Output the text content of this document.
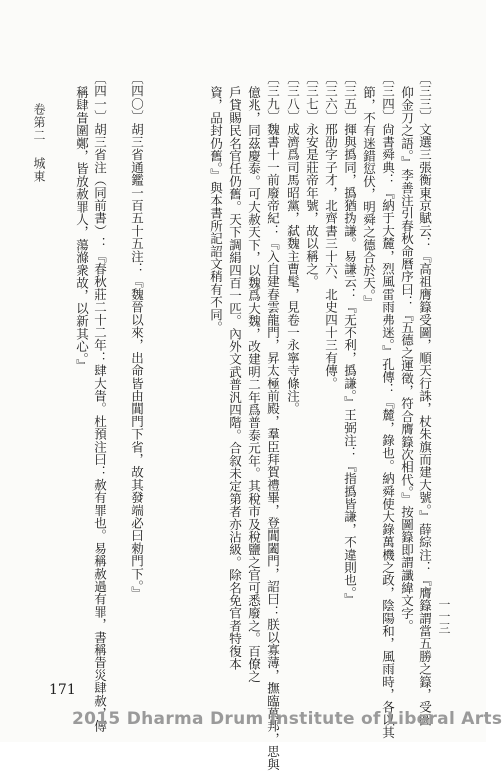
卷第二 城東	〔三三〕文選三張衡東京賦云：『高祖膺籙受圖，順天行誅，杖朱旗而建大號。』薛綜注：『膺籙謂當五勝之籙，受圖
仰金刀之語。』李善注引春秋命曆序曰：『五德之運徵，符合膺籙次相代。』按圖籙即謂讖緯文字。
〔三四〕尙書舜典：『納于大麓，烈風雷雨弗迷。』孔傳：『麓，錄也。納舜使大錄萬機之政，陰陽和，風雨時，各以其
節，不有迷錯愆伏，明舜之德合於天。』
〔三五〕揮與撝同，撝猶㧑謙。易謙云：『无不利，撝謙。』王弼注：『指撝皆謙，不違則也。』
〔三六〕邢劭字子才，北齊書三十六、北史四十三有傳。
〔三七〕永安是莊帝年號，故以稱之。
〔三八〕成濟爲司馬昭黨，弑魏主曹髦，見卷一永寧寺條注。
〔三九〕魏書十一前廢帝紀：『入自建春雲龍門，昇太極前殿，羣臣拜賀禮畢，登閶闔門，詔曰：朕以寡薄，撫臨萬邦，思與
億兆，同茲慶泰。可大赦天下，以魏爲大魏，改建明二年爲普泰元年。其稅市及稅鹽之官可悉廢之。百僚之
戶貸賜民名官任仍舊。天下調絹四百一匹。內外文武普汎四階。合叙未定第者亦沾級。除名免官者特復本
資，品封仍舊。』與本書所記詔文稍有不同。
〔四〇〕胡三省通鑑一百五十五注：『魏晉以來，出命皆由閶門下省，故其發端必曰勑門下。』
〔四一〕胡三省注（同前書）：『春秋莊二十二年：肆大眚。杜預注曰：赦有罪也。易稱赦過有罪，書稱眚災肆赦，傳
稱肆眚圍鄭，皆放赦罪人，蕩滌衆故，以新其心。』
一一三
171
2015 Dharma Drum Institute of Liberal Arts
